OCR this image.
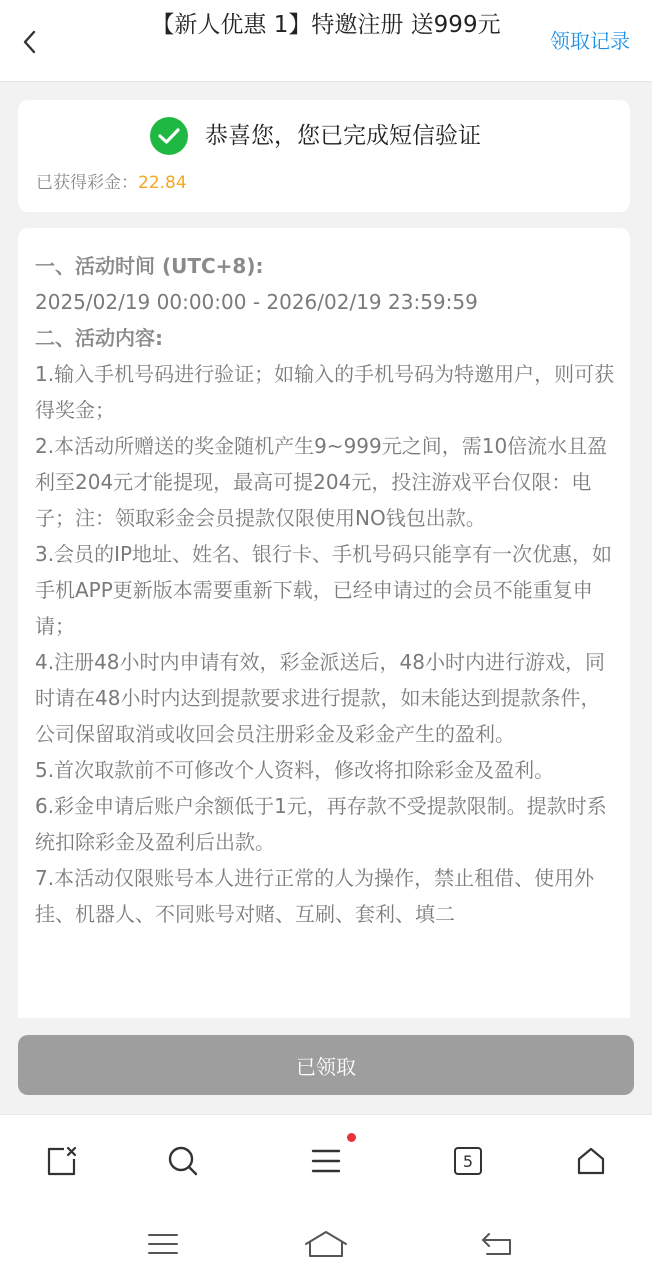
【新人优惠 1】特邀注册 送999元
领取记录
恭喜您，您已完成短信验证
已获得彩金：22.84

一、活动时间 (UTC+8):

2025/02/19 00:00:00 - 2026/02/19 23:59:59

二、活动内容:

1.输入手机号码进行验证；如输入的手机号码为特邀用户，则可获得奖金；

2.本活动所赠送的奖金随机产生9~999元之间，需10倍流水且盈利至204元才能提现，最高可提204元，投注游戏平台仅限：电子；注：领取彩金会员提款仅限使用NO钱包出款。

3.会员的IP地址、姓名、银行卡、手机号码只能享有一次优惠，如手机APP更新版本需要重新下载，已经申请过的会员不能重复申请；

4.注册48小时内申请有效，彩金派送后，48小时内进行游戏，同时请在48小时内达到提款要求进行提款，如未能达到提款条件，公司保留取消或收回会员注册彩金及彩金产生的盈利。

5.首次取款前不可修改个人资料，修改将扣除彩金及盈利。

6.彩金申请后账户余额低于1元，再存款不受提款限制。提款时系统扣除彩金及盈利后出款。

7.本活动仅限账号本人进行正常的人为操作，禁止租借、使用外挂、机器人、不同账号对赌、互刷、套利、填二

已领取
5
